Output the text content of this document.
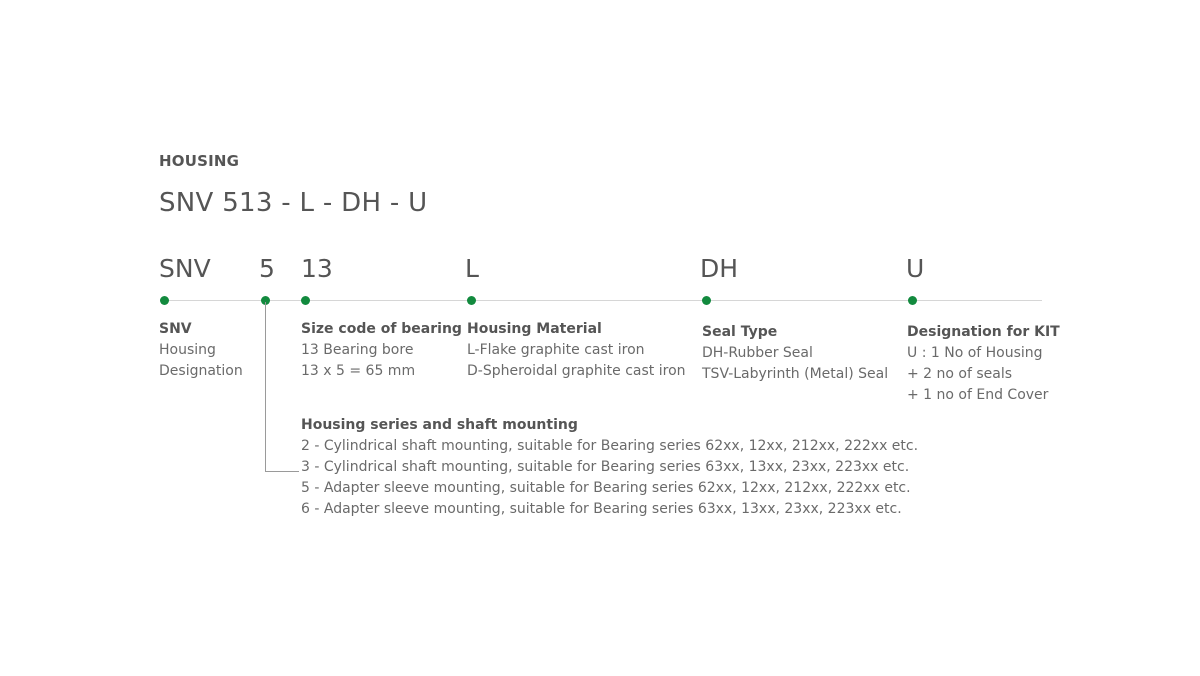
HOUSING
SNV 513 - L - DH - U
SNV 5 13	L	DH	U
SNV
Housing
Designation
Size code of bearing
13 Bearing bore
13 x 5 = 65 mm
Housing Material
L-Flake graphite cast iron
D-Spheroidal graphite cast iron
Seal Type
DH-Rubber Seal
TSV-Labyrinth (Metal) Seal
Designation for KIT
U : 1 No of Housing
+ 2 no of seals
+ 1 no of End Cover
Housing series and shaft mounting
2 - Cylindrical shaft mounting, suitable for Bearing series 62xx, 12xx, 212xx, 222xx etc.
3 - Cylindrical shaft mounting, suitable for Bearing series 63xx, 13xx, 23xx, 223xx etc.
5 - Adapter sleeve mounting, suitable for Bearing series 62xx, 12xx, 212xx, 222xx etc.
6 - Adapter sleeve mounting, suitable for Bearing series 63xx, 13xx, 23xx, 223xx etc.
